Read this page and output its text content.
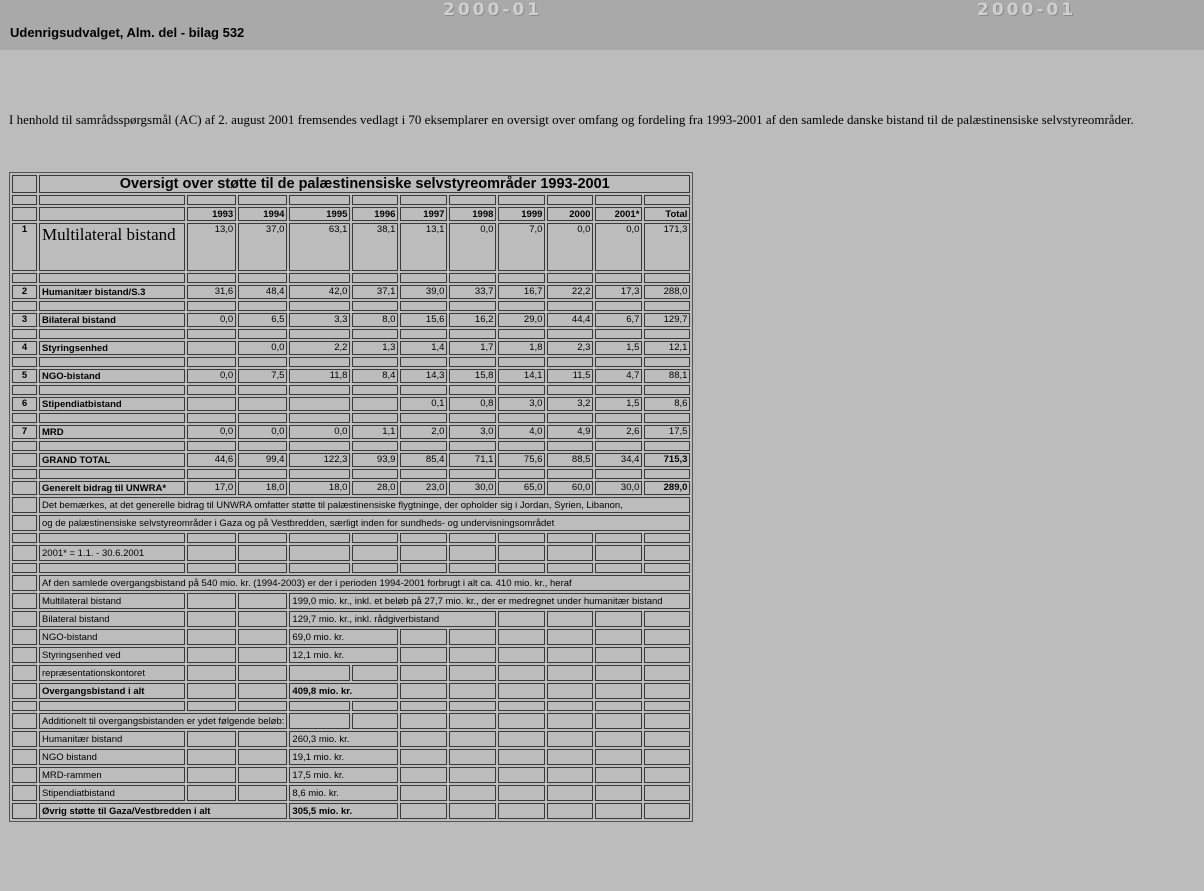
2000-01	2000-01
Udenrigsudvalget, Alm. del - bilag 532
I henhold til samrådsspørgsmål (AC) af 2. august 2001 fremsendes vedlagt i 70 eksemplarer en oversigt over omfang og fordeling fra 1993-2001 af den samlede danske bistand til de palæstinensiske selvstyreområder.
	Oversigt over støtte til de palæstinensiske selvstyreområder 1993-2001										

		1993	1994	1995	1996	1997	1998	1999	2000	2001*	Total
1	Multilateral bistand	13,0	37,0	63,1	38,1	13,1	0,0	7,0	0,0	0,0	171,3

2	Humanitær bistand/S.3	31,6	48,4	42,0	37,1	39,0	33,7	16,7	22,2	17,3	288,0

3	Bilateral bistand	0,0	6,5	3,3	8,0	15,6	16,2	29,0	44,4	6,7	129,7

4	Styringsenhed		0,0	2,2	1,3	1,4	1,7	1,8	2,3	1,5	12,1

5	NGO-bistand	0,0	7,5	11,8	8,4	14,3	15,8	14,1	11,5	4,7	88,1

6	Stipendiatbistand					0,1	0,8	3,0	3,2	1,5	8,6

7	MRD	0,0	0,0	0,0	1,1	2,0	3,0	4,0	4,9	2,6	17,5

	GRAND TOTAL	44,6	99,4	122,3	93,9	85,4	71,1	75,6	88,5	34,4	715,3

	Generelt bidrag til UNWRA*	17,0	18,0	18,0	28,0	23,0	30,0	65,0	60,0	30,0	289,0
	Det bemærkes, at det generelle bidrag til UNWRA omfatter støtte til palæstinensiske flygtninge, der opholder sig i Jordan, Syrien, Libanon,										
	og de palæstinensiske selvstyreområder i Gaza og på Vestbredden, særligt inden for sundheds- og undervisningsområdet										

	2001* = 1.1. - 30.6.2001										

	Af den samlede overgangsbistand på 540 mio. kr. (1994-2003) er der i perioden 1994-2001 forbrugt i alt ca. 410 mio. kr., heraf										
	Multilateral bistand			199,0 mio. kr., inkl. et beløb på 27,7 mio. kr., der er medregnet under humanitær bistand							
	Bilateral bistand			129,7 mio. kr., inkl. rådgiverbistand							
	NGO-bistand			69,0 mio. kr.							
	Styringsenhed ved			12,1 mio. kr.							
	repræsentationskontoret										
	Overgangsbistand i alt			409,8 mio. kr.							

	Additionelt til overgangsbistanden er ydet følgende beløb:										
	Humanitær bistand			260,3 mio. kr.							
	NGO bistand			19,1 mio. kr.							
	MRD-rammen			17,5 mio. kr.							
	Stipendiatbistand			8,6 mio. kr.							
	Øvrig støtte til Gaza/Vestbredden i alt			305,5 mio. kr.							
